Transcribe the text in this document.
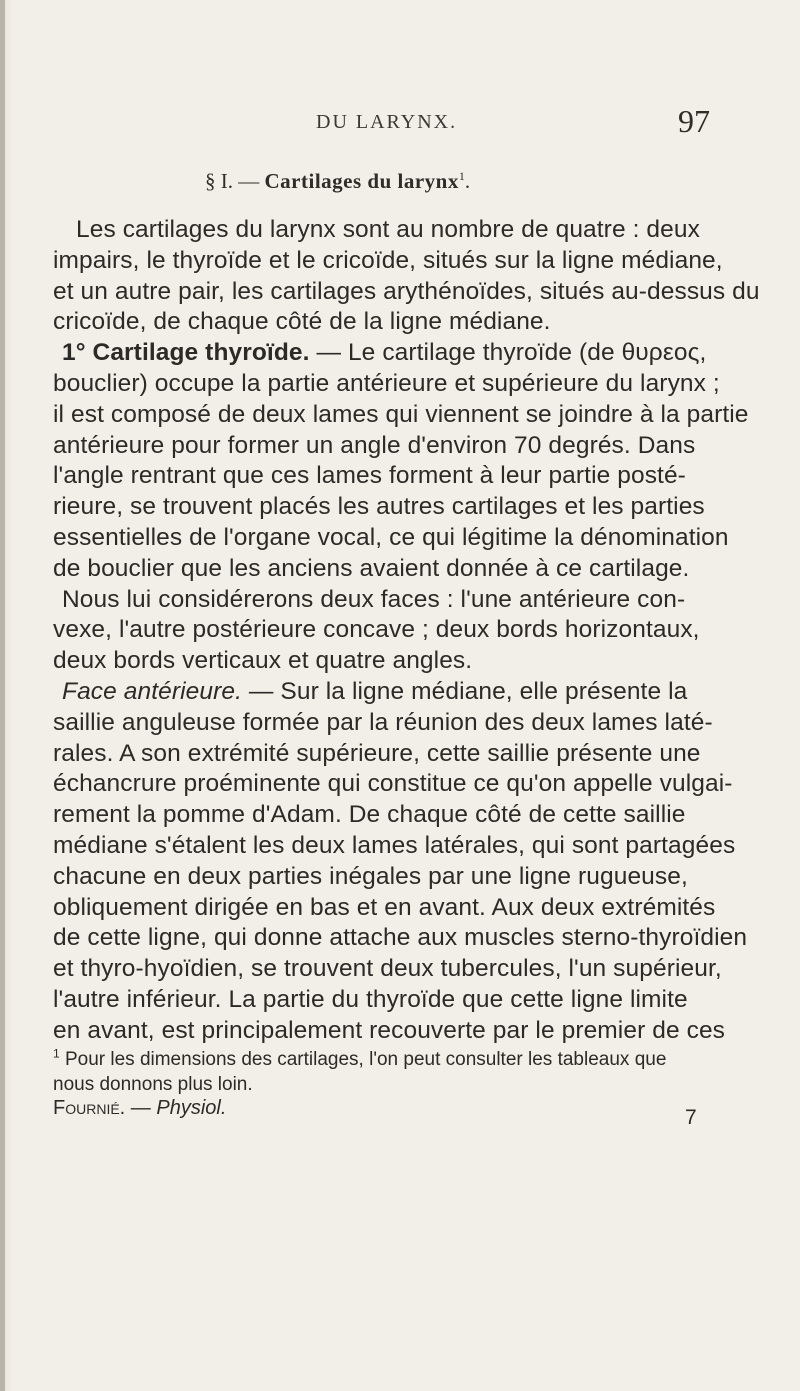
DU LARYNX.	97
§ I. — Cartilages du larynx$^1$.
Les cartilages du larynx sont au nombre de quatre : deux
impairs, le thyroïde et le cricoïde, situés sur la ligne médiane,
et un autre pair, les cartilages arythénoïdes, situés au-dessus du
cricoïde, de chaque côté de la ligne médiane.
1° Cartilage thyroïde. — Le cartilage thyroïde (de θυρεος,
bouclier) occupe la partie antérieure et supérieure du larynx ;
il est composé de deux lames qui viennent se joindre à la partie
antérieure pour former un angle d'environ 70 degrés. Dans
l'angle rentrant que ces lames forment à leur partie posté-
rieure, se trouvent placés les autres cartilages et les parties
essentielles de l'organe vocal, ce qui légitime la dénomination
de bouclier que les anciens avaient donnée à ce cartilage.
Nous lui considérerons deux faces : l'une antérieure con-
vexe, l'autre postérieure concave ; deux bords horizontaux,
deux bords verticaux et quatre angles.
Face antérieure. — Sur la ligne médiane, elle présente la
saillie anguleuse formée par la réunion des deux lames laté-
rales. A son extrémité supérieure, cette saillie présente une
échancrure proéminente qui constitue ce qu'on appelle vulgai-
rement la pomme d'Adam. De chaque côté de cette saillie
médiane s'étalent les deux lames latérales, qui sont partagées
chacune en deux parties inégales par une ligne rugueuse,
obliquement dirigée en bas et en avant. Aux deux extrémités
de cette ligne, qui donne attache aux muscles sterno-thyroïdien
et thyro-hyoïdien, se trouvent deux tubercules, l'un supérieur,
l'autre inférieur. La partie du thyroïde que cette ligne limite
en avant, est principalement recouverte par le premier de ces
$^1$ Pour les dimensions des cartilages, l'on peut consulter les tableaux que
nous donnons plus loin.
Fournié. — Physiol.	7
